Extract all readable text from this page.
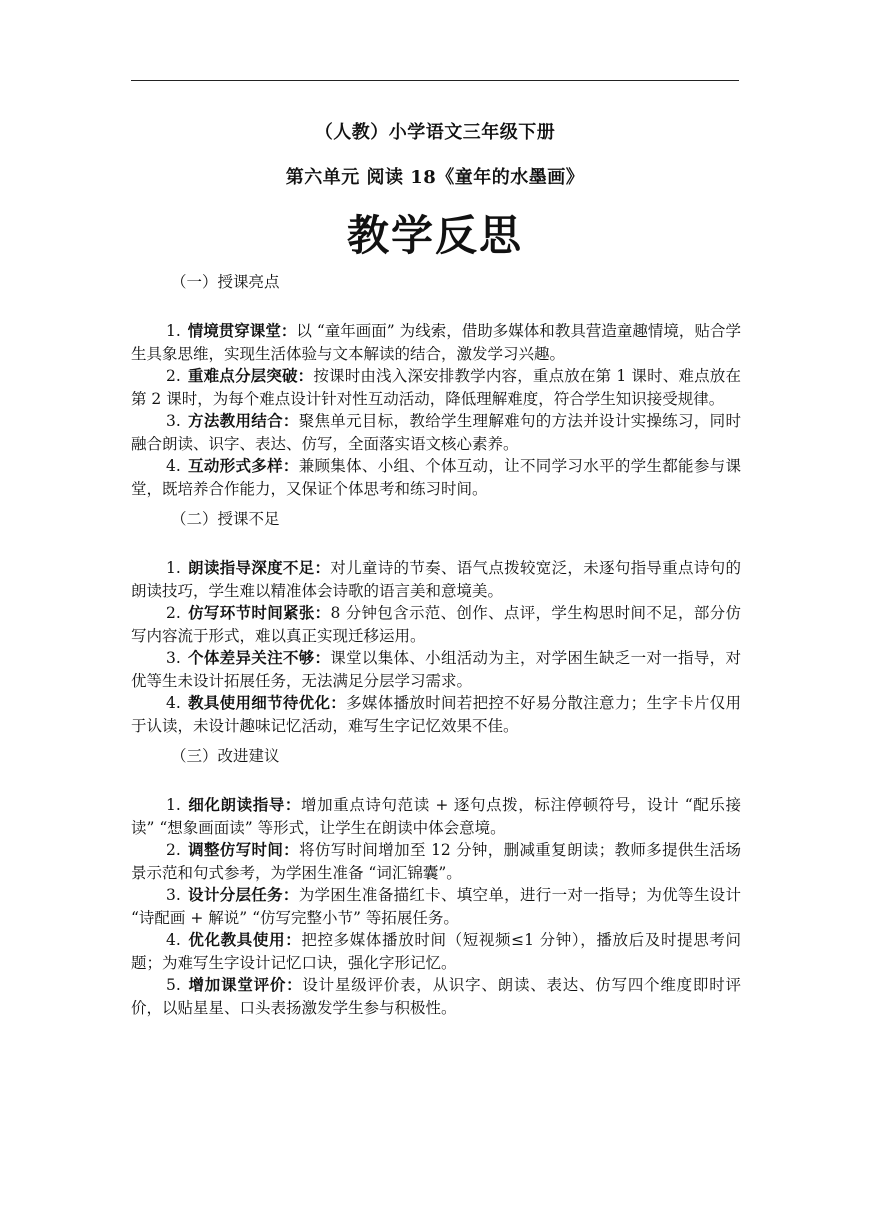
（人教）小学语文三年级下册
第六单元 阅读 18《童年的水墨画》
教学反思
（一）授课亮点
1. 情境贯穿课堂：以 “童年画面” 为线索，借助多媒体和教具营造童趣情境，贴合学生具象思维，实现生活体验与文本解读的结合，激发学习兴趣。
2. 重难点分层突破：按课时由浅入深安排教学内容，重点放在第 1 课时、难点放在第 2 课时，为每个难点设计针对性互动活动，降低理解难度，符合学生知识接受规律。
3. 方法教用结合：聚焦单元目标，教给学生理解难句的方法并设计实操练习，同时融合朗读、识字、表达、仿写，全面落实语文核心素养。
4. 互动形式多样：兼顾集体、小组、个体互动，让不同学习水平的学生都能参与课堂，既培养合作能力，又保证个体思考和练习时间。
（二）授课不足
1. 朗读指导深度不足：对儿童诗的节奏、语气点拨较宽泛，未逐句指导重点诗句的朗读技巧，学生难以精准体会诗歌的语言美和意境美。
2. 仿写环节时间紧张：8 分钟包含示范、创作、点评，学生构思时间不足，部分仿写内容流于形式，难以真正实现迁移运用。
3. 个体差异关注不够：课堂以集体、小组活动为主，对学困生缺乏一对一指导，对优等生未设计拓展任务，无法满足分层学习需求。
4. 教具使用细节待优化：多媒体播放时间若把控不好易分散注意力；生字卡片仅用于认读，未设计趣味记忆活动，难写生字记忆效果不佳。
（三）改进建议
1. 细化朗读指导：增加重点诗句范读 + 逐句点拨，标注停顿符号，设计 “配乐接读” “想象画面读” 等形式，让学生在朗读中体会意境。
2. 调整仿写时间：将仿写时间增加至 12 分钟，删减重复朗读；教师多提供生活场景示范和句式参考，为学困生准备 “词汇锦囊”。
3. 设计分层任务：为学困生准备描红卡、填空单，进行一对一指导；为优等生设计 “诗配画 + 解说” “仿写完整小节” 等拓展任务。
4. 优化教具使用：把控多媒体播放时间（短视频≤1 分钟），播放后及时提思考问题；为难写生字设计记忆口诀，强化字形记忆。
5. 增加课堂评价：设计星级评价表，从识字、朗读、表达、仿写四个维度即时评价，以贴星星、口头表扬激发学生参与积极性。
